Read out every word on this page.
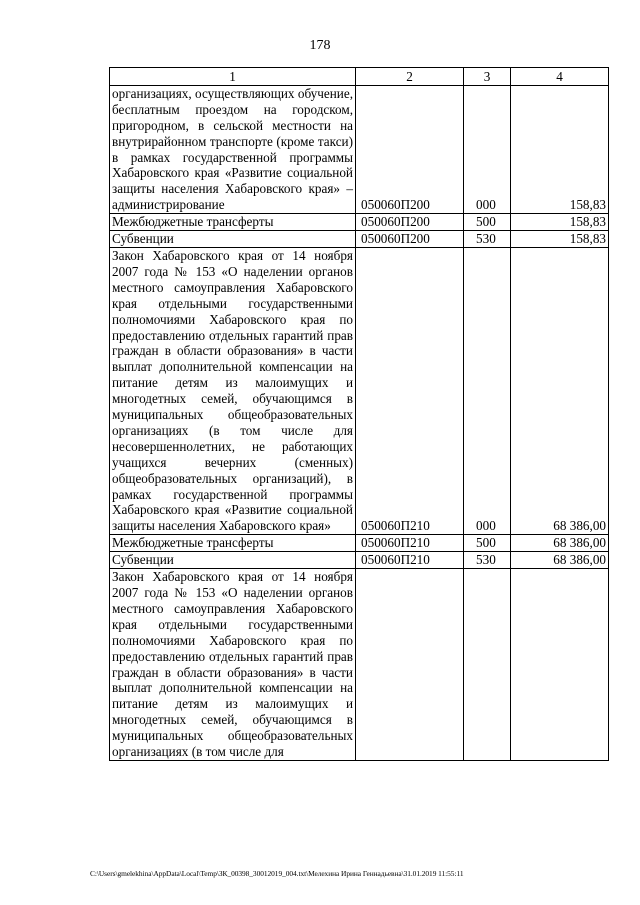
178
1	2	3	4
организациях, осуществляющих обучение, бесплатным проездом на городском, пригородном, в сельской местности на внутрирайонном транспорте (кроме такси) в рамках государственной программы Хабаровского края «Развитие социальной защиты населения Хабаровского края» – администрирование	050060П200	000	158,83
Межбюджетные трансферты	050060П200	500	158,83
Субвенции	050060П200	530	158,83
Закон Хабаровского края от 14 ноября 2007 года № 153 «О наделении органов местного самоуправления Хабаровского края отдельными государственными полномочиями Хабаровского края по предоставлению отдельных гарантий прав граждан в области образования» в части выплат дополнительной компенсации на питание детям из малоимущих и многодетных семей, обучающимся в муниципальных общеобразовательных организациях (в том числе для несовершеннолетних, не работающих учащихся вечерних (сменных) общеобразовательных организаций), в рамках государственной программы Хабаровского края «Развитие социальной защиты населения Хабаровского края»	050060П210	000	68 386,00
Межбюджетные трансферты	050060П210	500	68 386,00
Субвенции	050060П210	530	68 386,00
Закон Хабаровского края от 14 ноября 2007 года № 153 «О наделении органов местного самоуправления Хабаровского края отдельными государственными полномочиями Хабаровского края по предоставлению отдельных гарантий прав граждан в области образования» в части выплат дополнительной компенсации на питание детям из малоимущих и многодетных семей, обучающимся в муниципальных общеобразовательных организациях (в том числе для			
C:\Users\gmelekhina\AppData\Local\Temp\ЗК_00398_30012019_004.txt\Мелехина Ирина Геннадьевна\31.01.2019 11:55:11
